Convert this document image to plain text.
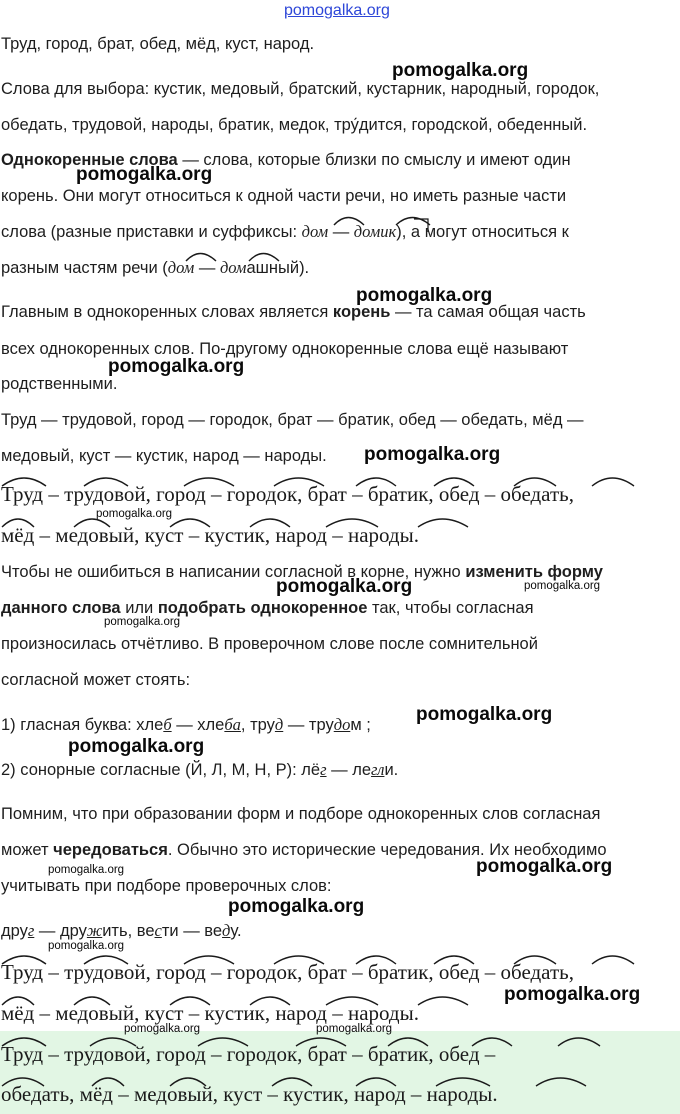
pomogalka.org
pomogalka.org
pomogalka.org
pomogalka.org
pomogalka.org
pomogalka.org
pomogalka.org
pomogalka.org	pomogalka.org
pomogalka.org
pomogalka.org
pomogalka.org
pomogalka.org	pomogalka.org
pomogalka.org
pomogalka.org
pomogalka.org
pomogalka.org	pomogalka.org
Труд, город, брат, обед, мёд, куст, народ.
Слова для выбора: кустик, медовый, братский, кустарник, народный, городок,
обедать, трудовой, народы, братик, медок, тру́дится, городской, обеденный.
Однокоренные слова — слова, которые близки по смыслу и имеют один
корень. Они могут относиться к одной части речи, но иметь разные части
слова (разные приставки и суффиксы: дом — домик), а могут относиться к
разным частям речи (дом — домашный).
Главным в однокоренных словах является корень — та самая общая часть
всех однокоренных слов. По-другому однокоренные слова ещё называют
родственными.
Труд — трудовой, город — городок, брат — братик, обед — обедать, мёд —
медовый, куст — кустик, народ — народы.
Труд – трудовой, город – городок, брат – братик, обед – обедать,
мёд – медовый, куст – кустик, народ – народы.
Чтобы не ошибиться в написании согласной в корне, нужно изменить форму
данного слова или подобрать однокоренное так, чтобы согласная
произносилась отчётливо. В проверочном слове после сомнительной
согласной может стоять:
1) гласная буква: хлеб — хлеба, труд — трудом ;
2) сонорные согласные (Й, Л, М, Н, Р): лёг — легли.
Помним, что при образовании форм и подборе однокоренных слов согласная
может чередоваться. Обычно это исторические чередования. Их необходимо
учитывать при подборе проверочных слов:
друг — дружить, вести — веду.
Труд – трудовой, город – городок, брат – братик, обед – обедать,
мёд – медовый, куст – кустик, народ – народы.
Труд – трудовой, город – городок, брат – братик, обед –
обедать, мёд – медовый, куст – кустик, народ – народы.
